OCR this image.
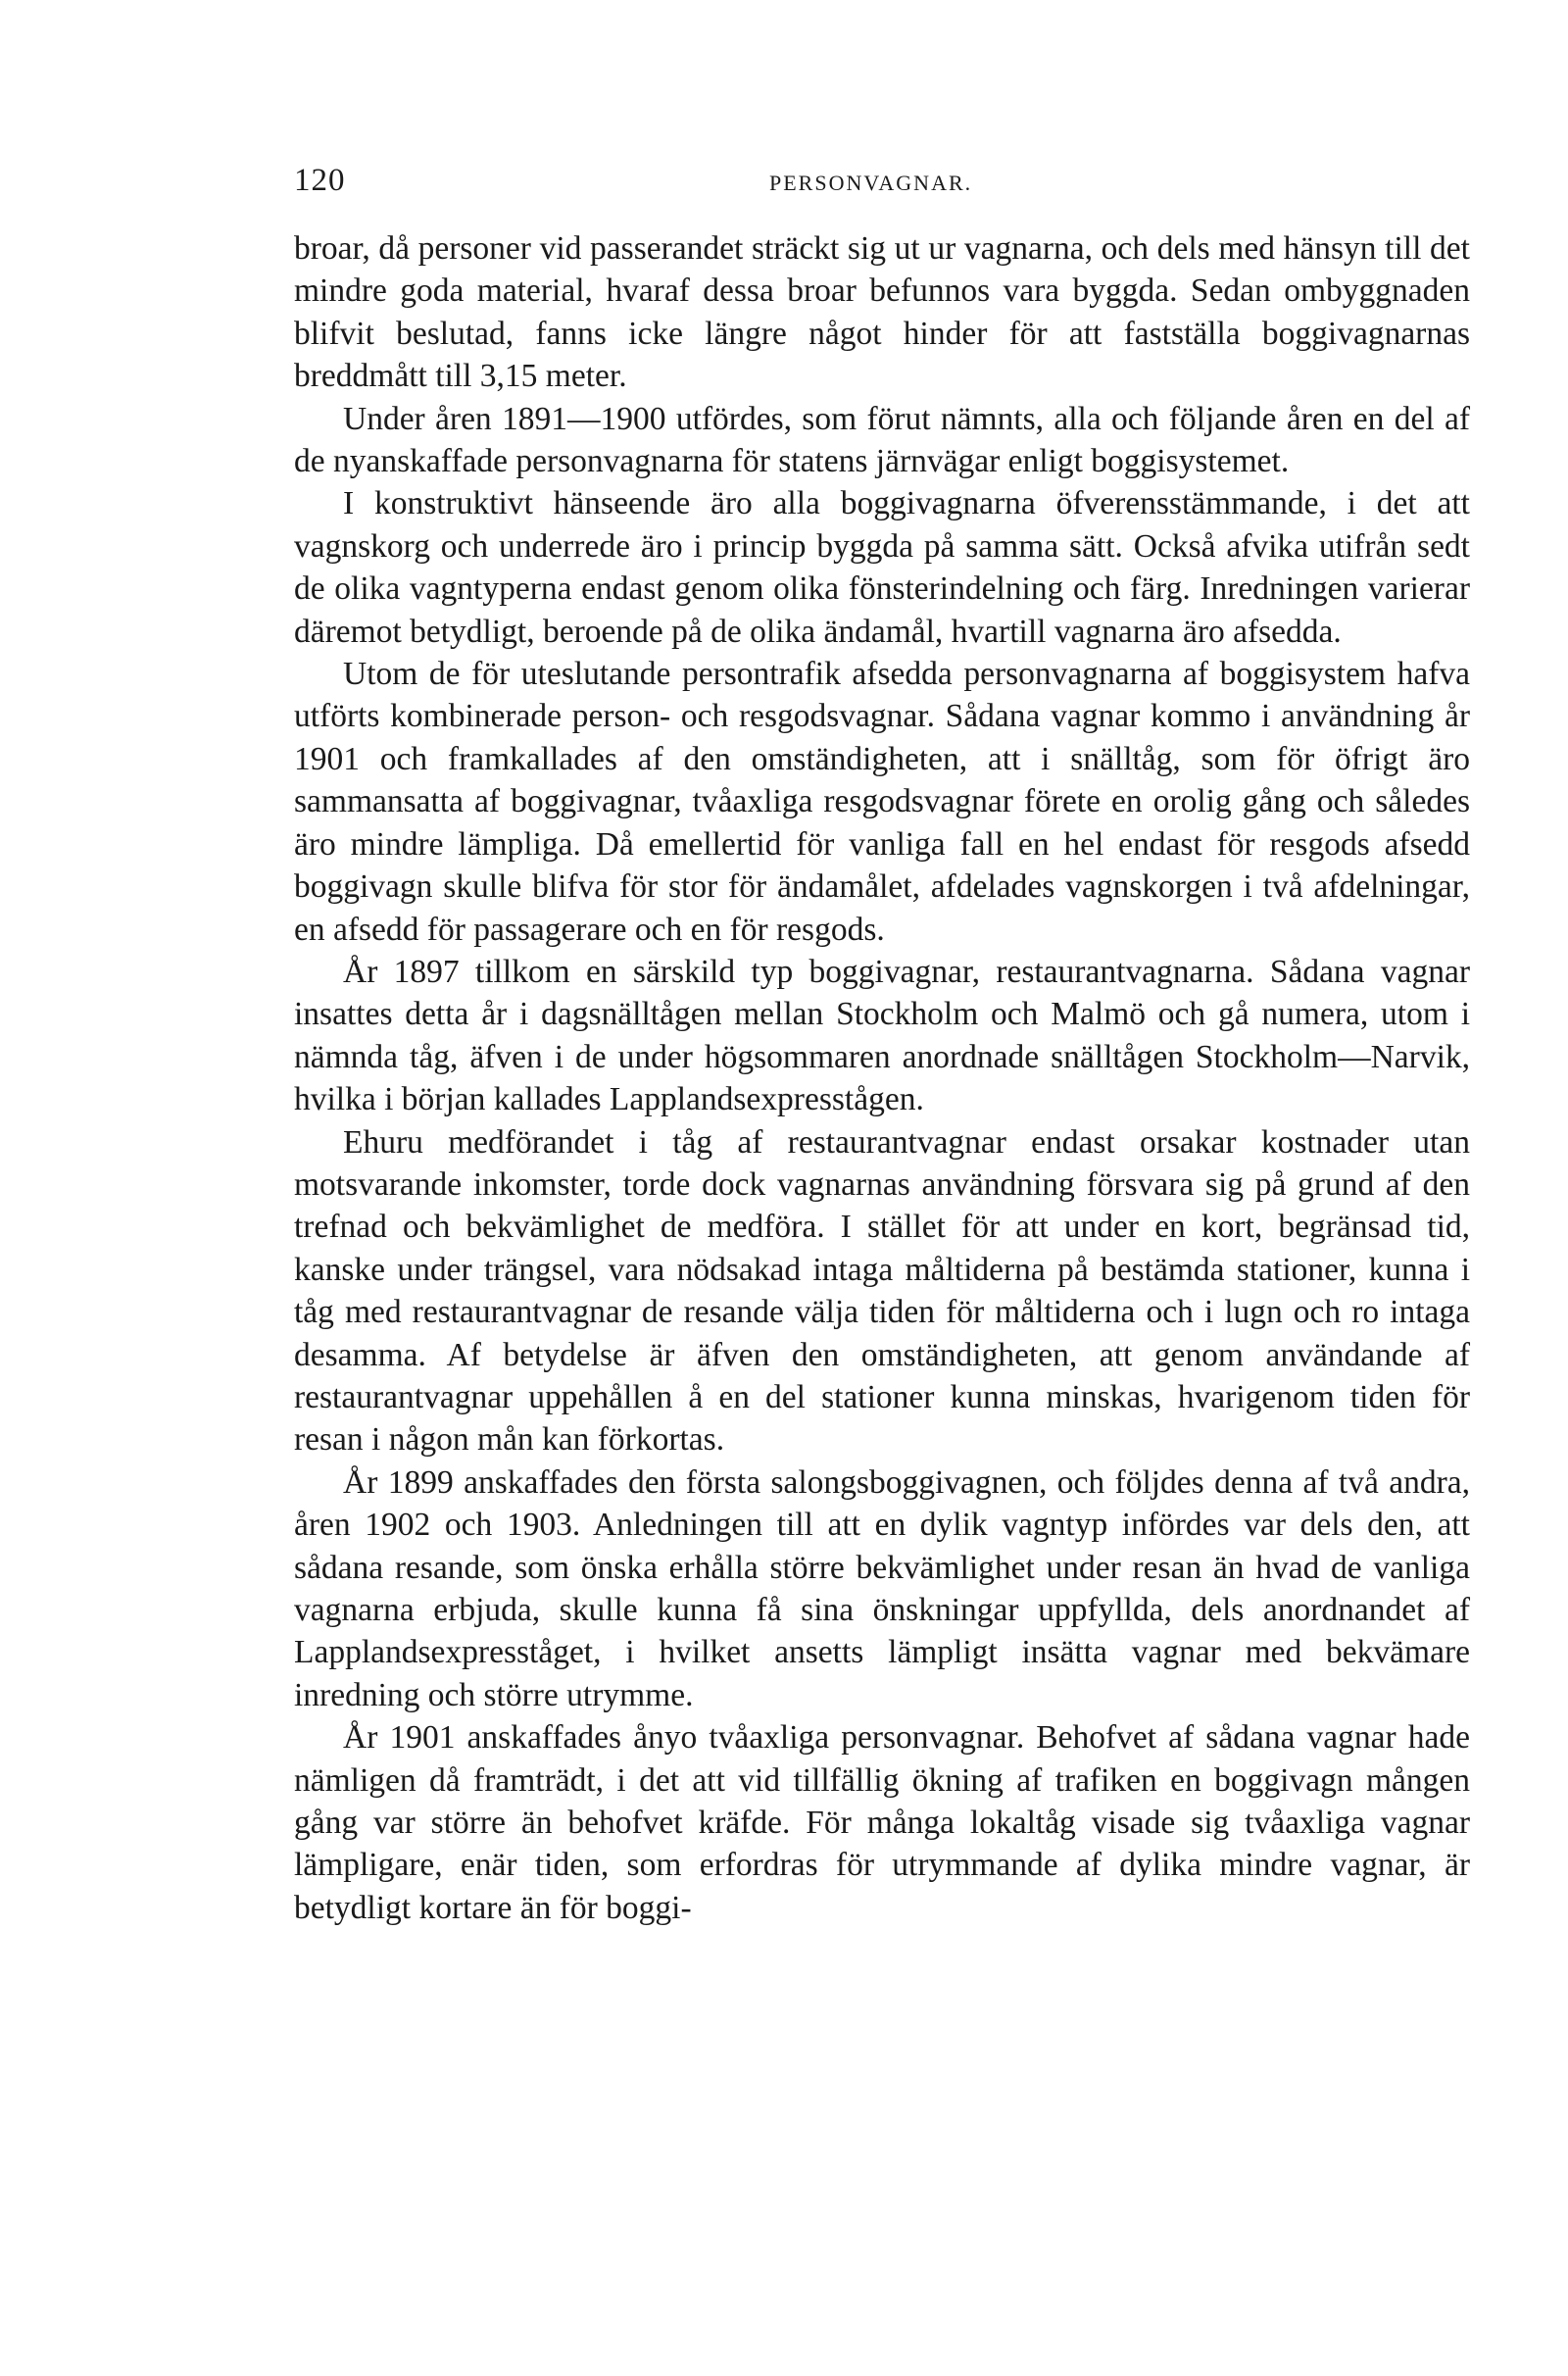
120	PERSONVAGNAR.

broar, då personer vid passerandet sträckt sig ut ur vagnarna, och dels med hänsyn till det mindre goda material, hvaraf dessa broar befunnos vara byggda. Sedan ombyggnaden blifvit beslutad, fanns icke längre något hinder för att fastställa boggivagnarnas breddmått till 3,15 meter.

Under åren 1891—1900 utfördes, som förut nämnts, alla och följande åren en del af de nyanskaffade personvagnarna för statens järnvägar enligt boggisystemet.

I konstruktivt hänseende äro alla boggivagnarna öfverensstämmande, i det att vagnskorg och underrede äro i princip byggda på samma sätt. Också afvika utifrån sedt de olika vagntyperna endast genom olika fönsterindelning och färg. Inredningen varierar däremot betydligt, beroende på de olika ändamål, hvartill vagnarna äro afsedda.

Utom de för uteslutande persontrafik afsedda personvagnarna af boggisystem hafva utförts kombinerade person- och resgodsvagnar. Sådana vagnar kommo i användning år 1901 och framkallades af den omständigheten, att i snälltåg, som för öfrigt äro sammansatta af boggivagnar, tvåaxliga resgodsvagnar förete en orolig gång och således äro mindre lämpliga. Då emellertid för vanliga fall en hel endast för resgods afsedd boggivagn skulle blifva för stor för ändamålet, afdelades vagnskorgen i två afdelningar, en afsedd för passagerare och en för resgods.

År 1897 tillkom en särskild typ boggivagnar, restaurantvagnarna. Sådana vagnar insattes detta år i dagsnälltågen mellan Stockholm och Malmö och gå numera, utom i nämnda tåg, äfven i de under högsommaren anordnade snälltågen Stockholm—Narvik, hvilka i början kallades Lapplandsexpresstågen.

Ehuru medförandet i tåg af restaurantvagnar endast orsakar kostnader utan motsvarande inkomster, torde dock vagnarnas användning försvara sig på grund af den trefnad och bekvämlighet de medföra. I stället för att under en kort, begränsad tid, kanske under trängsel, vara nödsakad intaga måltiderna på bestämda stationer, kunna i tåg med restaurantvagnar de resande välja tiden för måltiderna och i lugn och ro intaga desamma. Af betydelse är äfven den omständigheten, att genom användande af restaurantvagnar uppehållen å en del stationer kunna minskas, hvarigenom tiden för resan i någon mån kan förkortas.

År 1899 anskaffades den första salongsboggivagnen, och följdes denna af två andra, åren 1902 och 1903. Anledningen till att en dylik vagntyp infördes var dels den, att sådana resande, som önska erhålla större bekvämlighet under resan än hvad de vanliga vagnarna erbjuda, skulle kunna få sina önskningar uppfyllda, dels anordnandet af Lapplandsexpresståget, i hvilket ansetts lämpligt insätta vagnar med bekvämare inredning och större utrymme.

År 1901 anskaffades ånyo tvåaxliga personvagnar. Behofvet af sådana vagnar hade nämligen då framträdt, i det att vid tillfällig ökning af trafiken en boggivagn mången gång var större än behofvet kräfde. För många lokaltåg visade sig tvåaxliga vagnar lämpligare, enär tiden, som erfordras för utrymmande af dylika mindre vagnar, är betydligt kortare än för boggi-
